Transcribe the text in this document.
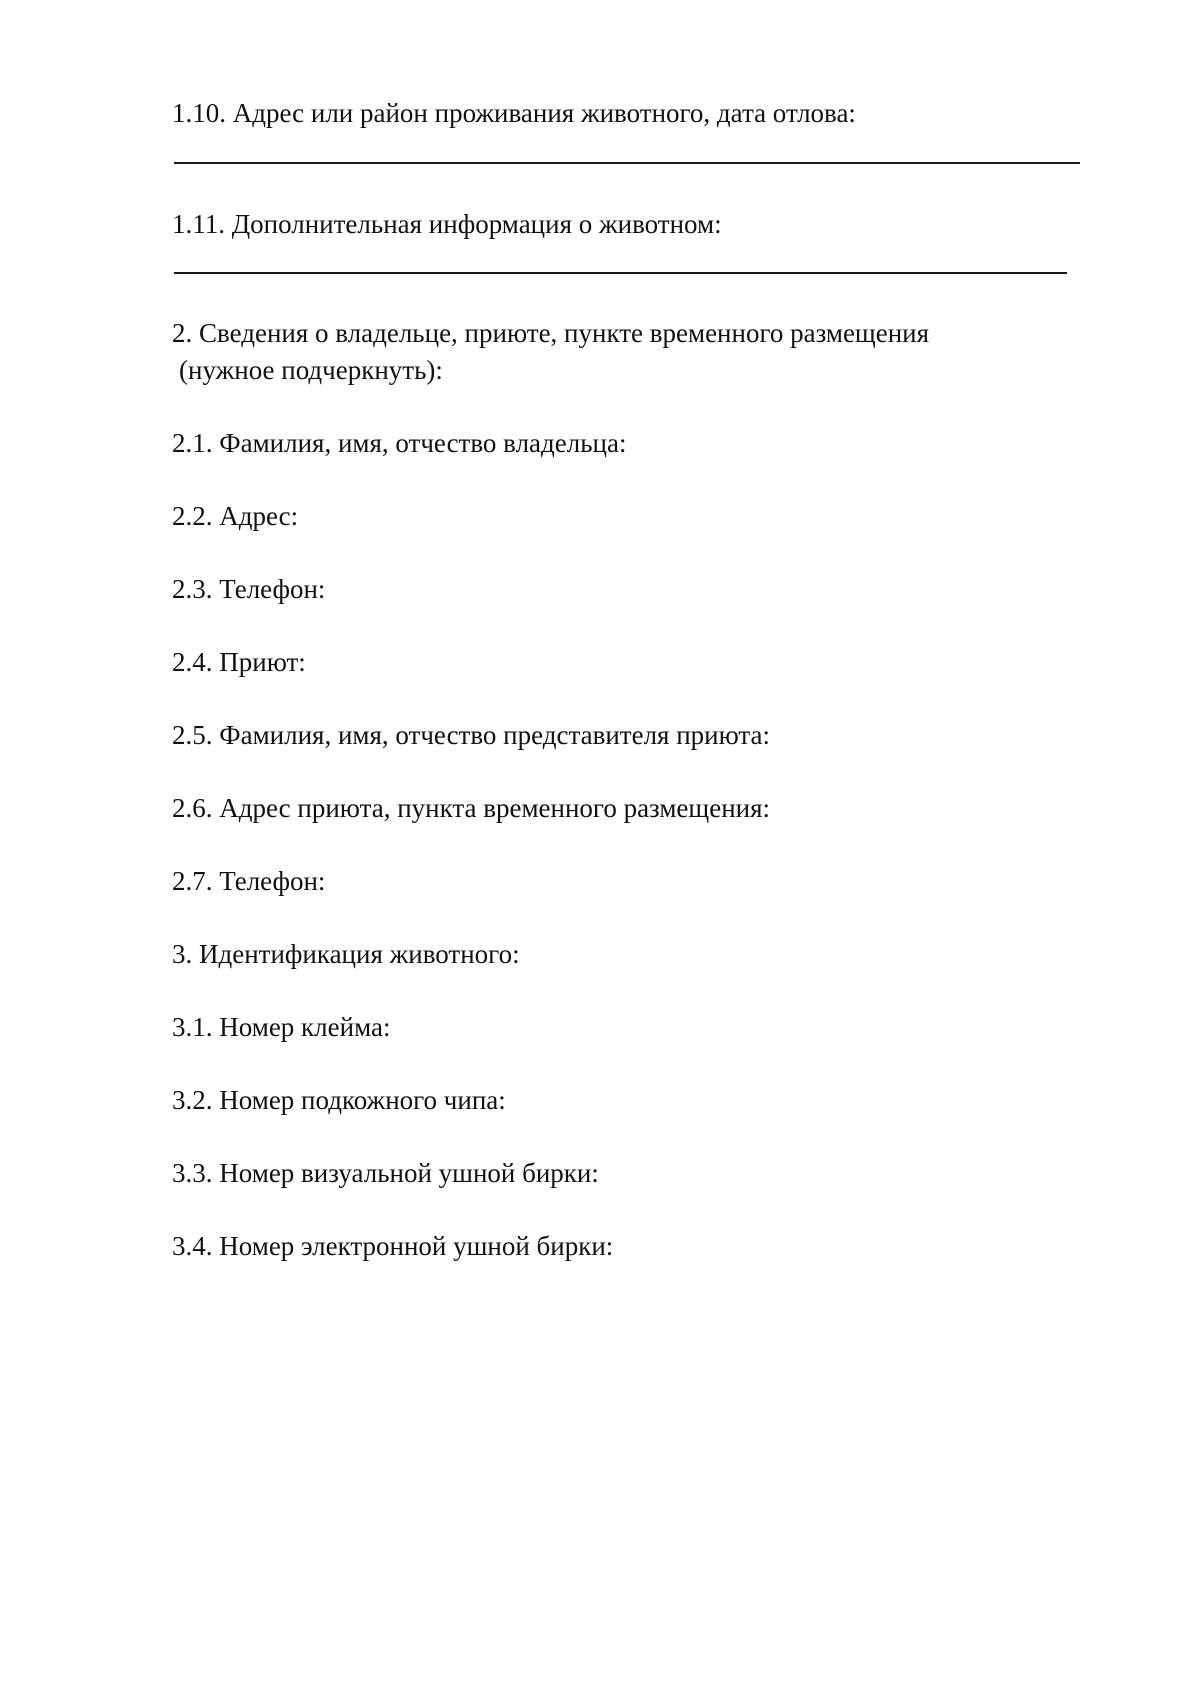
1.10. Адрес или район проживания животного, дата отлова:
1.11. Дополнительная информация о животном:
2. Сведения о владельце, приюте, пункте временного размещения
(нужное подчеркнуть):
2.1. Фамилия, имя, отчество владельца:
2.2. Адрес:
2.3. Телефон:
2.4. Приют:
2.5. Фамилия, имя, отчество представителя приюта:
2.6. Адрес приюта, пункта временного размещения:
2.7. Телефон:
3. Идентификация животного:
3.1. Номер клейма:
3.2. Номер подкожного чипа:
3.3. Номер визуальной ушной бирки:
3.4. Номер электронной ушной бирки:
